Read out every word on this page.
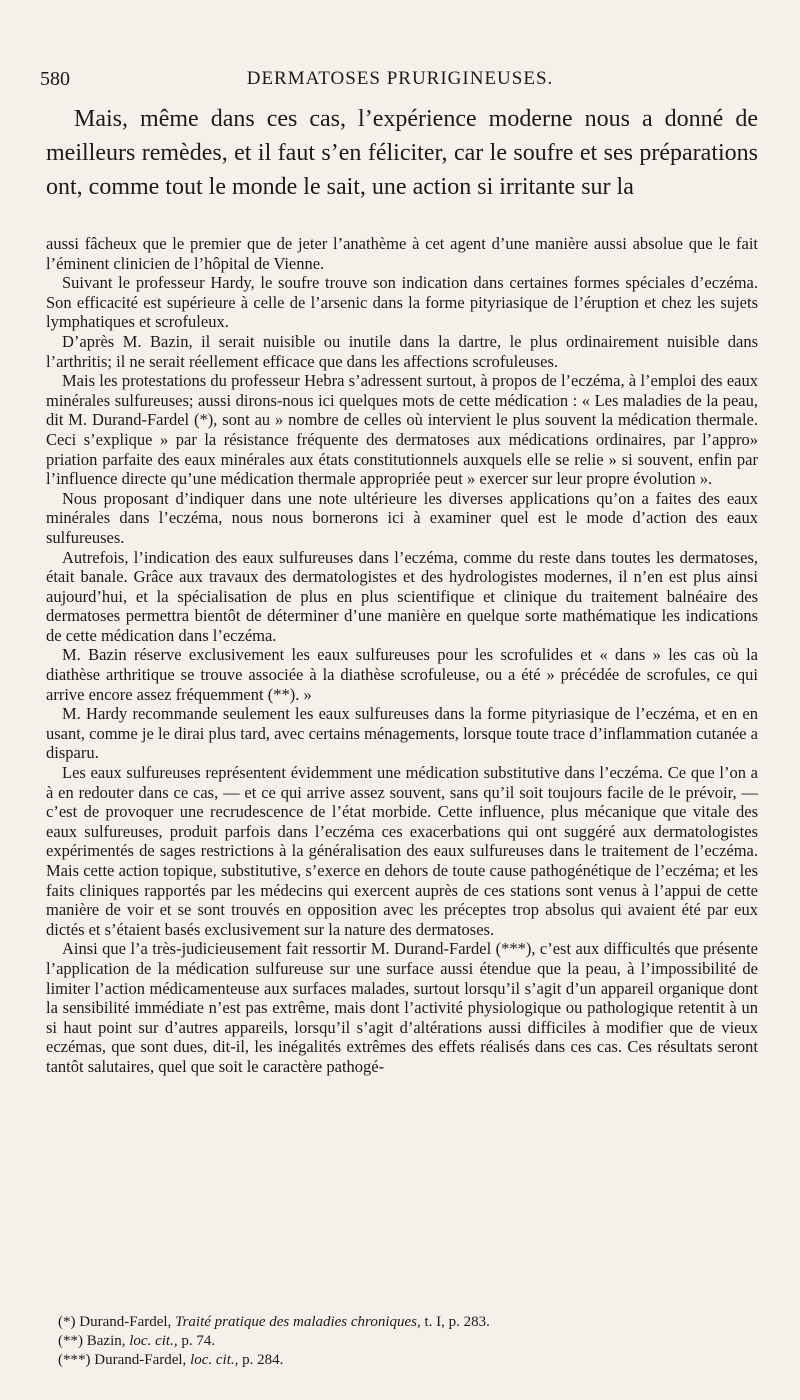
580	DERMATOSES PRURIGINEUSES.

Mais, même dans ces cas, l’expérience moderne nous a donné de meilleurs remèdes, et il faut s’en féliciter, car le soufre et ses préparations ont, comme tout le monde le sait, une action si irritante sur la

aussi fâcheux que le premier que de jeter l’anathème à cet agent d’une manière aussi absolue que le fait l’éminent clinicien de l’hôpital de Vienne.

Suivant le professeur Hardy, le soufre trouve son indication dans certaines formes spéciales d’eczéma. Son efficacité est supérieure à celle de l’arsenic dans la forme pityriasique de l’éruption et chez les sujets lymphatiques et scrofuleux.

D’après M. Bazin, il serait nuisible ou inutile dans la dartre, le plus ordinairement nuisible dans l’arthritis; il ne serait réellement efficace que dans les affections scrofuleuses.

Mais les protestations du professeur Hebra s’adressent surtout, à propos de l’eczéma, à l’emploi des eaux minérales sulfureuses; aussi dirons-nous ici quelques mots de cette médication : « Les maladies de la peau, dit M. Durand-Fardel (*), sont au » nombre de celles où intervient le plus souvent la médication thermale. Ceci s’explique » par la résistance fréquente des dermatoses aux médications ordinaires, par l’appro» priation parfaite des eaux minérales aux états constitutionnels auxquels elle se relie » si souvent, enfin par l’influence directe qu’une médication thermale appropriée peut » exercer sur leur propre évolution ».

Nous proposant d’indiquer dans une note ultérieure les diverses applications qu’on a faites des eaux minérales dans l’eczéma, nous nous bornerons ici à examiner quel est le mode d’action des eaux sulfureuses.

Autrefois, l’indication des eaux sulfureuses dans l’eczéma, comme du reste dans toutes les dermatoses, était banale. Grâce aux travaux des dermatologistes et des hydrologistes modernes, il n’en est plus ainsi aujourd’hui, et la spécialisation de plus en plus scientifique et clinique du traitement balnéaire des dermatoses permettra bientôt de déterminer d’une manière en quelque sorte mathématique les indications de cette médication dans l’eczéma.

M. Bazin réserve exclusivement les eaux sulfureuses pour les scrofulides et « dans » les cas où la diathèse arthritique se trouve associée à la diathèse scrofuleuse, ou a été » précédée de scrofules, ce qui arrive encore assez fréquemment (**). »

M. Hardy recommande seulement les eaux sulfureuses dans la forme pityriasique de l’eczéma, et en en usant, comme je le dirai plus tard, avec certains ménagements, lorsque toute trace d’inflammation cutanée a disparu.

Les eaux sulfureuses représentent évidemment une médication substitutive dans l’eczéma. Ce que l’on a à en redouter dans ce cas, — et ce qui arrive assez souvent, sans qu’il soit toujours facile de le prévoir, — c’est de provoquer une recrudescence de l’état morbide. Cette influence, plus mécanique que vitale des eaux sulfureuses, produit parfois dans l’eczéma ces exacerbations qui ont suggéré aux dermatologistes expérimentés de sages restrictions à la généralisation des eaux sulfureuses dans le traitement de l’eczéma. Mais cette action topique, substitutive, s’exerce en dehors de toute cause pathogénétique de l’eczéma; et les faits cliniques rapportés par les médecins qui exercent auprès de ces stations sont venus à l’appui de cette manière de voir et se sont trouvés en opposition avec les préceptes trop absolus qui avaient été par eux dictés et s’étaient basés exclusivement sur la nature des dermatoses.

Ainsi que l’a très-judicieusement fait ressortir M. Durand-Fardel (***), c’est aux difficultés que présente l’application de la médication sulfureuse sur une surface aussi étendue que la peau, à l’impossibilité de limiter l’action médicamenteuse aux surfaces malades, surtout lorsqu’il s’agit d’un appareil organique dont la sensibilité immédiate n’est pas extrême, mais dont l’activité physiologique ou pathologique retentit à un si haut point sur d’autres appareils, lorsqu’il s’agit d’altérations aussi difficiles à modifier que de vieux eczémas, que sont dues, dit-il, les inégalités extrêmes des effets réalisés dans ces cas. Ces résultats seront tantôt salutaires, quel que soit le caractère pathogé-

(*) Durand-Fardel, Traité pratique des maladies chroniques, t. I, p. 283.
(**) Bazin, loc. cit., p. 74.
(***) Durand-Fardel, loc. cit., p. 284.
